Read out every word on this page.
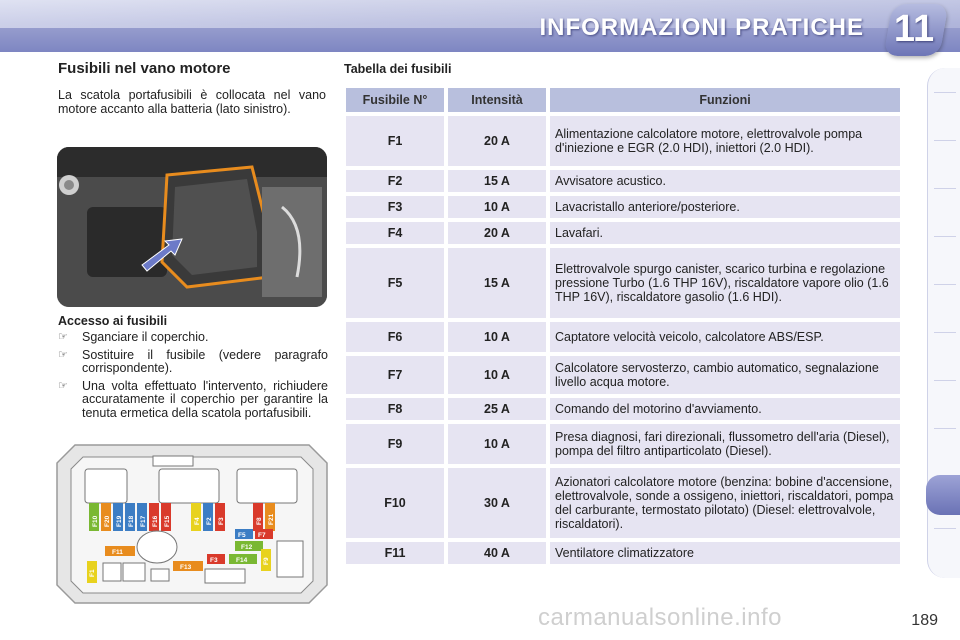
INFORMAZIONI PRATICHE 11
Fusibili nel vano motore

La scatola portafusibili è collocata nel vano motore accanto alla batteria (lato sinistro).

Accesso ai fusibili

☞ Sganciare il coperchio.
☞ Sostituire il fusibile (vedere paragrafo corrispondente).
☞ Una volta effettuato l'intervento, richiudere accuratamente il coperchio per garantire la tenuta ermetica della scatola portafusibili.
F10 F20 F19 F18 F17 F16 F15	F4 F2 F3	F8 F21
F5 F7
F12
F11
F3	F14 F9
F1
F13

Tabella dei fusibili

Fusibile N°	Intensità	Funzioni
F1	20 A	Alimentazione calcolatore motore, elettrovalvole pompa d'iniezione e EGR (2.0 HDI), iniettori (2.0 HDI).
F2	15 A	Avvisatore acustico.
F3	10 A	Lavacristallo anteriore/posteriore.
F4	20 A	Lavafari.
F5	15 A	Elettrovalvole spurgo canister, scarico turbina e regolazione pressione Turbo (1.6 THP 16V), riscaldatore vapore olio (1.6 THP 16V), riscaldatore gasolio (1.6 HDI).
F6	10 A	Captatore velocità veicolo, calcolatore ABS/ESP.
F7	10 A	Calcolatore servosterzo, cambio automatico, segnalazione livello acqua motore.
F8	25 A	Comando del motorino d'avviamento.
F9	10 A	Presa diagnosi, fari direzionali, flussometro dell'aria (Diesel), pompa del filtro antiparticolato (Diesel).
F10	30 A	Azionatori calcolatore motore (benzina: bobine d'accensione, elettrovalvole, sonde a ossigeno, iniettori, riscaldatori, pompa del carburante, termostato pilotato) (Diesel: elettrovalvole, riscaldatori).
F11	40 A	Ventilatore climatizzatore
189
carmanualsonline.info
